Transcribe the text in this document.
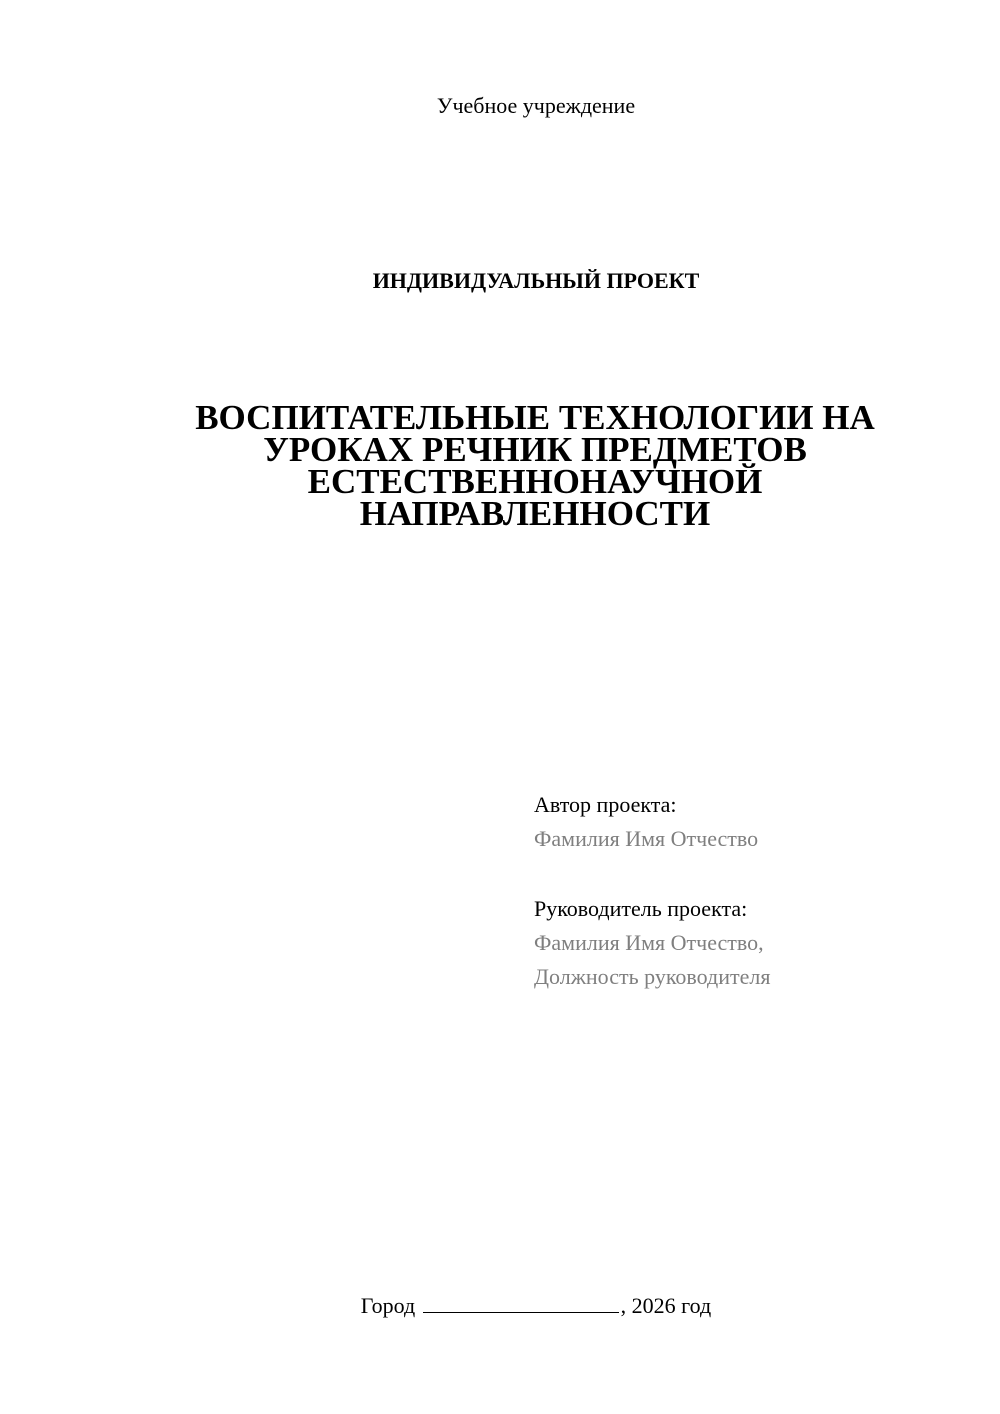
Учебное учреждение
ИНДИВИДУАЛЬНЫЙ ПРОЕКТ
ВОСПИТАТЕЛЬНЫЕ ТЕХНОЛОГИИ НА
УРОКАХ РЕЧНИК ПРЕДМЕТОВ
ЕСТЕСТВЕННОНАУЧНОЙ
НАПРАВЛЕННОСТИ
Автор проекта:
Фамилия Имя Отчество
Руководитель проекта:
Фамилия Имя Отчество,
Должность руководителя
Город	, 2026 год
